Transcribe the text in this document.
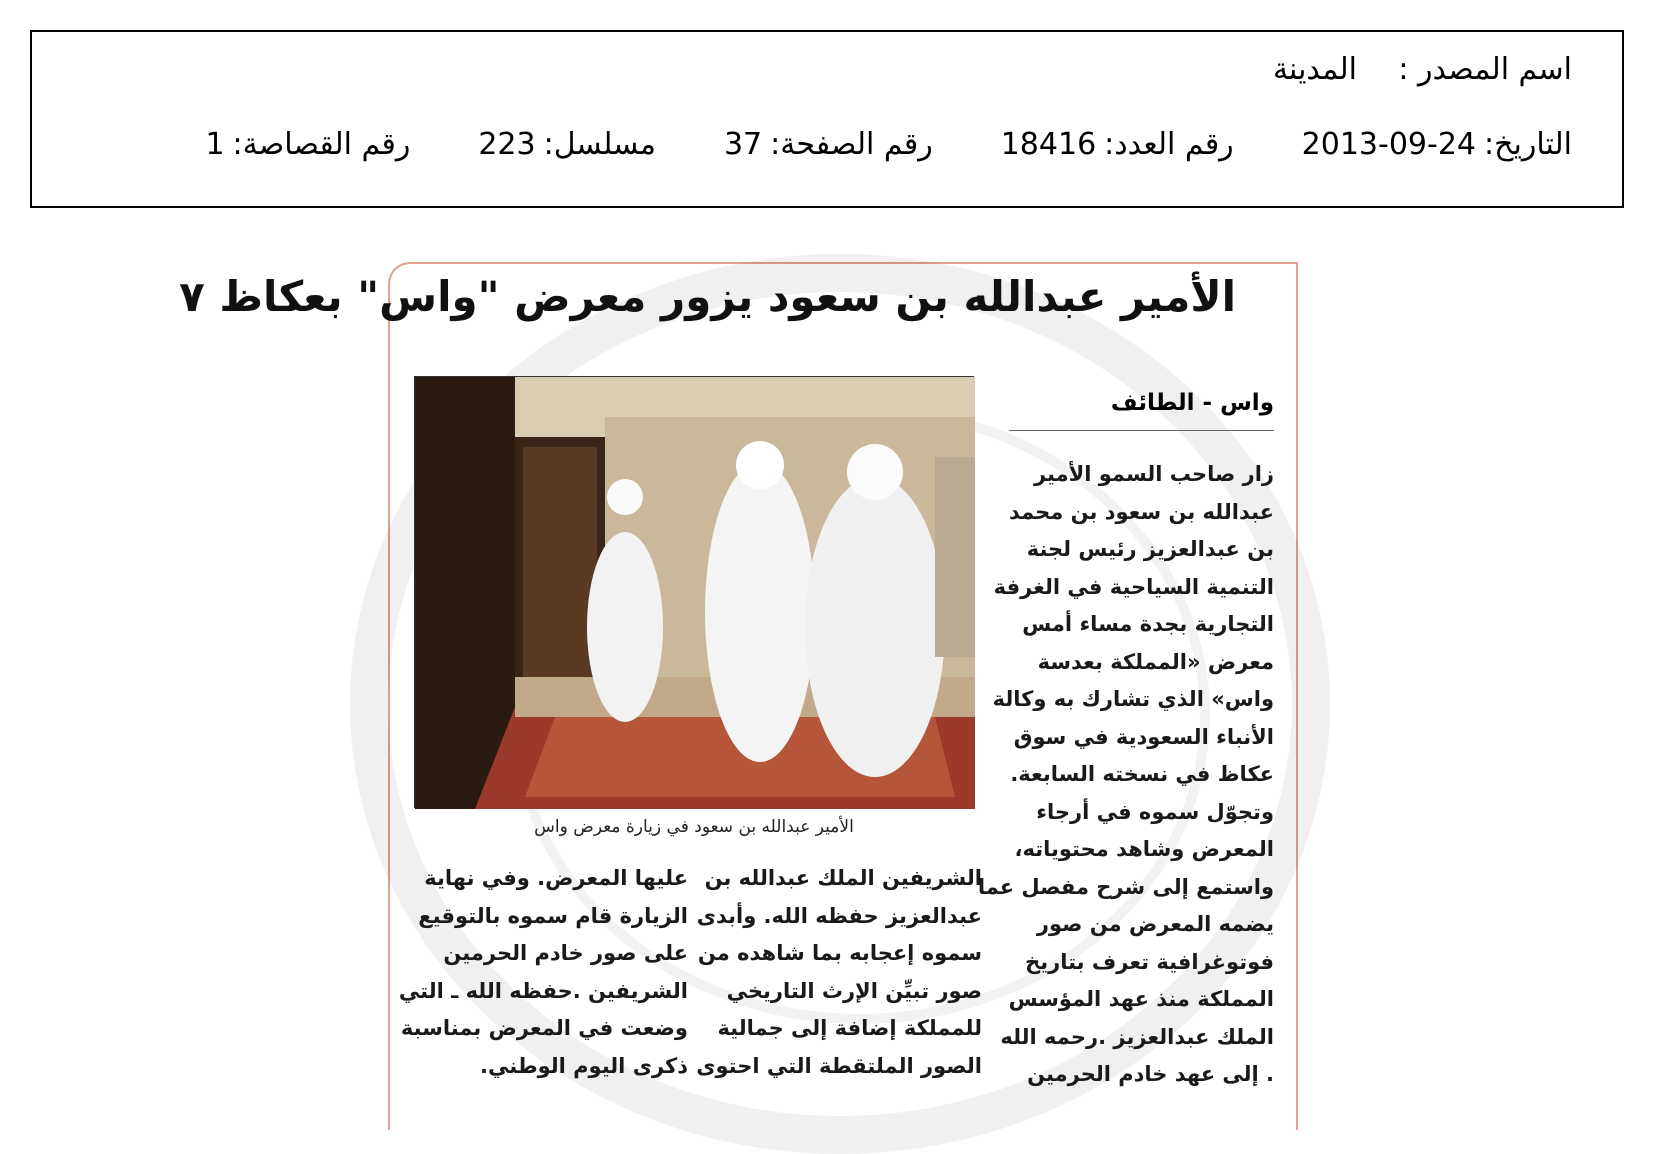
اسم المصدر :
المدينة
التاريخ:
2013-09-24
رقم العدد:
18416
رقم الصفحة:
37
مسلسل:
223
رقم القصاصة:
1
الأمير عبدالله بن سعود يزور معرض "واس" بعكاظ ٧
الأمير عبدالله بن سعود في زيارة معرض واس
واس - الطائف
زار صاحب السمو الأمير
عبدالله بن سعود بن محمد
بن عبدالعزيز رئيس لجنة
التنمية السياحية في الغرفة
التجارية بجدة مساء أمس
معرض «المملكة بعدسة
واس» الذي تشارك به وكالة
الأنباء السعودية في سوق
عكاظ في نسخته السابعة.
وتجوّل سموه في أرجاء
المعرض وشاهد محتوياته،
واستمع إلى شرح مفصل عما
يضمه المعرض من صور
فوتوغرافية تعرف بتاريخ
المملكة منذ عهد المؤسس
الملك عبدالعزيز .رحمه الله
. إلى عهد خادم الحرمين
الشريفين الملك عبدالله بن
عبدالعزيز حفظه الله. وأبدى
سموه إعجابه بما شاهده من
صور تبيِّن الإرث التاريخي
للمملكة إضافة إلى جمالية
الصور الملتقطة التي احتوى
عليها المعرض. وفي نهاية
الزيارة قام سموه بالتوقيع
على صور خادم الحرمين
الشريفين .حفظه الله ـ التي
وضعت في المعرض بمناسبة
ذكرى اليوم الوطني.
